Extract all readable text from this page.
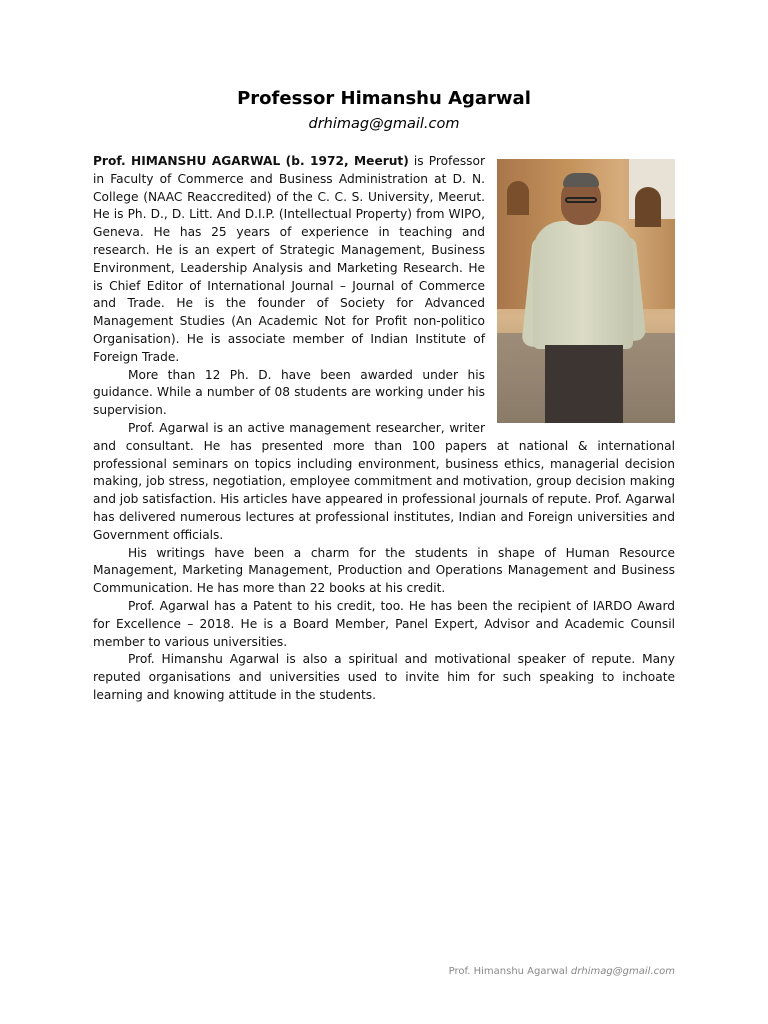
Professor Himanshu Agarwal
drhimag@gmail.com

Prof. HIMANSHU AGARWAL (b. 1972, Meerut) is Professor in Faculty of Commerce and Business Administration at D. N. College (NAAC Reaccredited) of the C. C. S. University, Meerut. He is Ph. D., D. Litt. And D.I.P. (Intellectual Property) from WIPO, Geneva. He has 25 years of experience in teaching and research. He is an expert of Strategic Management, Business Environment, Leadership Analysis and Marketing Research. He is Chief Editor of International Journal – Journal of Commerce and Trade. He is the founder of Society for Advanced Management Studies (An Academic Not for Profit non-politico Organisation). He is associate member of Indian Institute of Foreign Trade.

More than 12 Ph. D. have been awarded under his guidance. While a number of 08 students are working under his supervision.

Prof. Agarwal is an active management researcher, writer and consultant. He has presented more than 100 papers at national & international professional seminars on topics including environment, business ethics, managerial decision making, job stress, negotiation, employee commitment and motivation, group decision making and job satisfaction. His articles have appeared in professional journals of repute. Prof. Agarwal has delivered numerous lectures at professional institutes, Indian and Foreign universities and Government officials.

His writings have been a charm for the students in shape of Human Resource Management, Marketing Management, Production and Operations Management and Business Communication. He has more than 22 books at his credit.

Prof. Agarwal has a Patent to his credit, too. He has been the recipient of IARDO Award for Excellence – 2018. He is a Board Member, Panel Expert, Advisor and Academic Counsil member to various universities.

Prof. Himanshu Agarwal is also a spiritual and motivational speaker of repute. Many reputed organisations and universities used to invite him for such speaking to inchoate learning and knowing attitude in the students.

Prof. Himanshu Agarwal drhimag@gmail.com
